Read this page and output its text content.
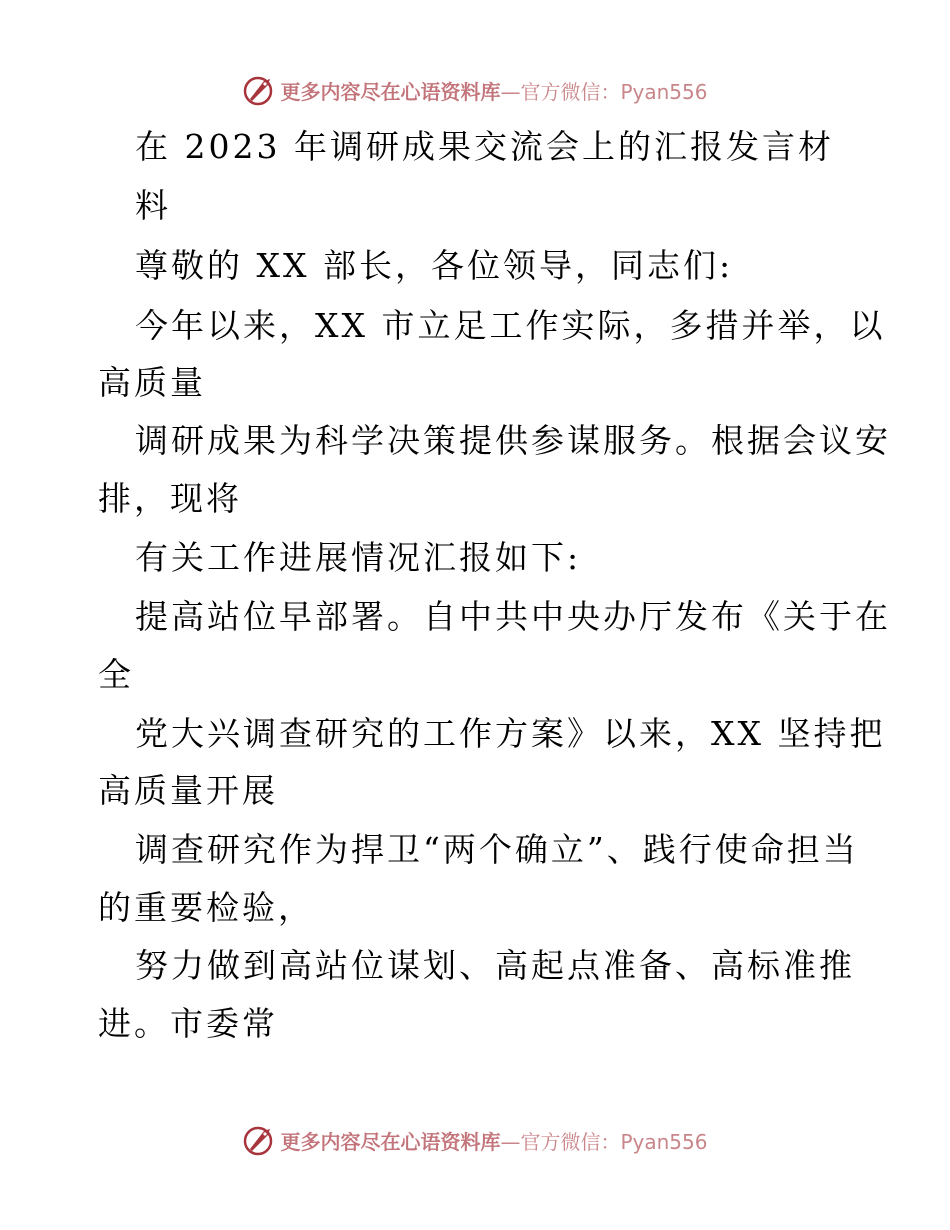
更多内容尽在心语资料库—官方微信：Pyan556
在 2023 年调研成果交流会上的汇报发言材
料
尊敬的 XX 部长，各位领导，同志们:
今年以来，XX 市立足工作实际，多措并举，以
高质量
调研成果为科学决策提供参谋服务。根据会议安
排，现将
有关工作进展情况汇报如下:
提高站位早部署。自中共中央办厅发布《关于在
全
党大兴调查研究的工作方案》以来，XX 坚持把
高质量开展
调查研究作为捍卫“两个确立”、践行使命担当
的重要检验，
努力做到高站位谋划、高起点准备、高标准推
进。市委常
更多内容尽在心语资料库—官方微信：Pyan556
